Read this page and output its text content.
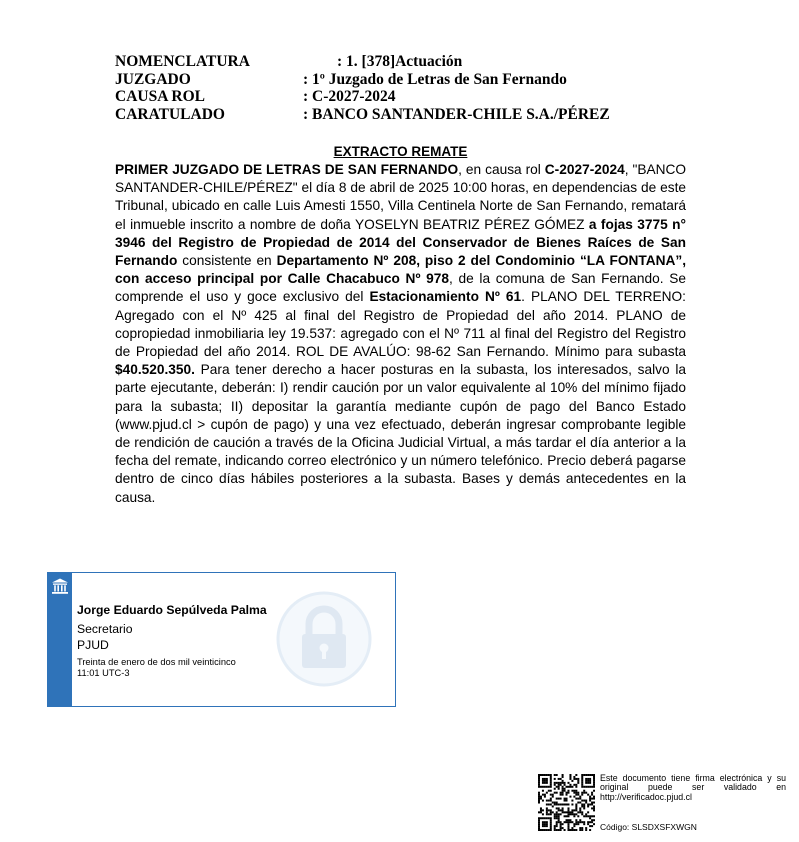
NOMENCLATURA	: 1. [378]Actuación
JUZGADO	: 1º Juzgado de Letras de San Fernando
CAUSA ROL	: C-2027-2024
CARATULADO	: BANCO SANTANDER-CHILE S.A./PÉREZ
EXTRACTO REMATE
PRIMER JUZGADO DE LETRAS DE SAN FERNANDO, en causa rol C-2027-2024, "BANCO SANTANDER-CHILE/PÉREZ" el día 8 de abril de 2025 10:00 horas, en dependencias de este Tribunal, ubicado en calle Luis Amesti 1550, Villa Centinela Norte de San Fernando, rematará el inmueble inscrito a nombre de doña YOSELYN BEATRIZ PÉREZ GÓMEZ a fojas 3775 n° 3946 del Registro de Propiedad de 2014 del Conservador de Bienes Raíces de San Fernando consistente en Departamento Nº 208, piso 2 del Condominio “LA FONTANA”, con acceso principal por Calle Chacabuco Nº 978, de la comuna de San Fernando. Se comprende el uso y goce exclusivo del Estacionamiento Nº 61. PLANO DEL TERRENO: Agregado con el Nº 425 al final del Registro de Propiedad del año 2014. PLANO de copropiedad inmobiliaria ley 19.537: agregado con el Nº 711 al final del Registro del Registro de Propiedad del año 2014. ROL DE AVALÚO: 98-62 San Fernando. Mínimo para subasta $40.520.350. Para tener derecho a hacer posturas en la subasta, los interesados, salvo la parte ejecutante, deberán: I) rendir caución por un valor equivalente al 10% del mínimo fijado para la subasta; II) depositar la garantía mediante cupón de pago del Banco Estado (www.pjud.cl > cupón de pago) y una vez efectuado, deberán ingresar comprobante legible de rendición de caución a través de la Oficina Judicial Virtual, a más tardar el día anterior a la fecha del remate, indicando correo electrónico y un número telefónico. Precio deberá pagarse dentro de cinco días hábiles posteriores a la subasta. Bases y demás antecedentes en la causa.
Jorge Eduardo Sepúlveda Palma
Secretario
PJUD
Treinta de enero de dos mil veinticinco
11:01 UTC-3
Este documento tiene firma electrónica y su original puede ser validado en http://verificadoc.pjud.cl
Código: SLSDXSFXWGN
